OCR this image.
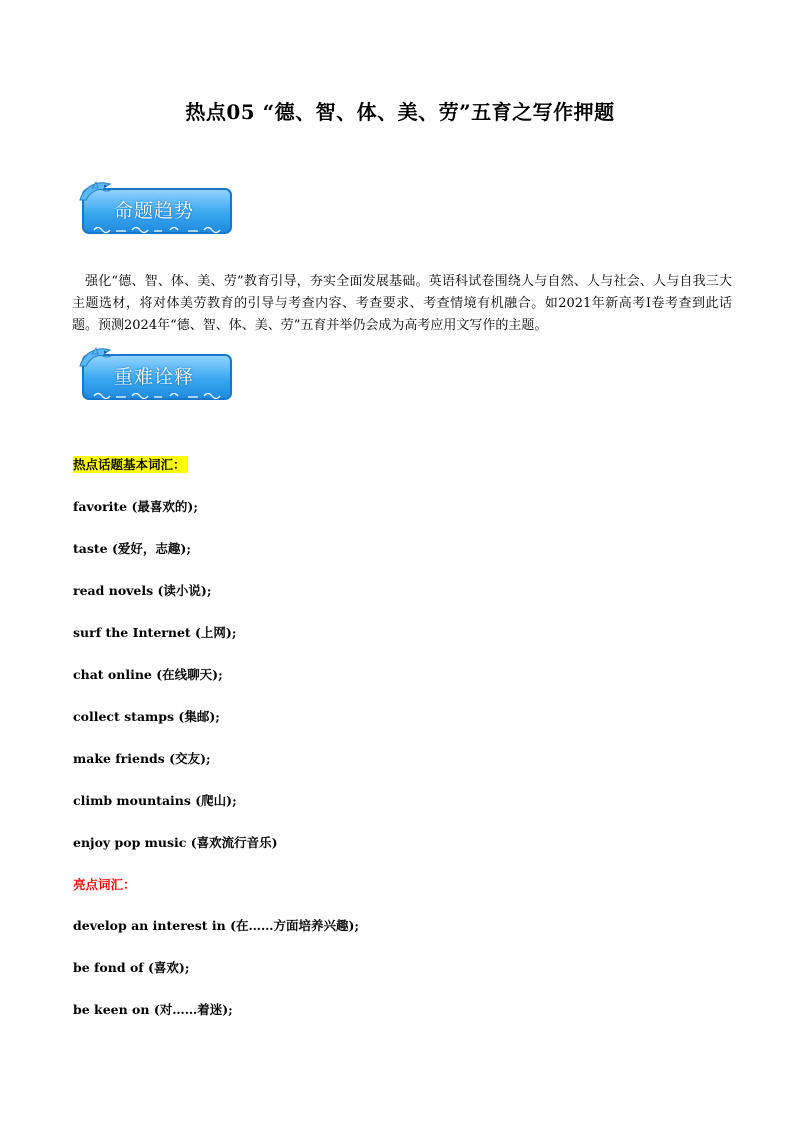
热点05 “德、智、体、美、劳”五育之写作押题
命题趋势
强化“德、智、体、美、劳”教育引导，夯实全面发展基础。英语科试卷围绕人与自然、人与社会、人与自我三大主题选材，将对体美劳教育的引导与考查内容、考查要求、考查情境有机融合。如2021年新高考I卷考查到此话题。预测2024年“德、智、体、美、劳”五育并举仍会成为高考应用文写作的主题。
重难诠释
热点话题基本词汇：
favorite (最喜欢的);
taste (爱好，志趣);
read novels (读小说);
surf the Internet (上网);
chat online (在线聊天);
collect stamps (集邮);
make friends (交友);
climb mountains (爬山);
enjoy pop music (喜欢流行音乐)
亮点词汇：
develop an interest in (在……方面培养兴趣);
be fond of (喜欢);
be keen on (对……着迷);
